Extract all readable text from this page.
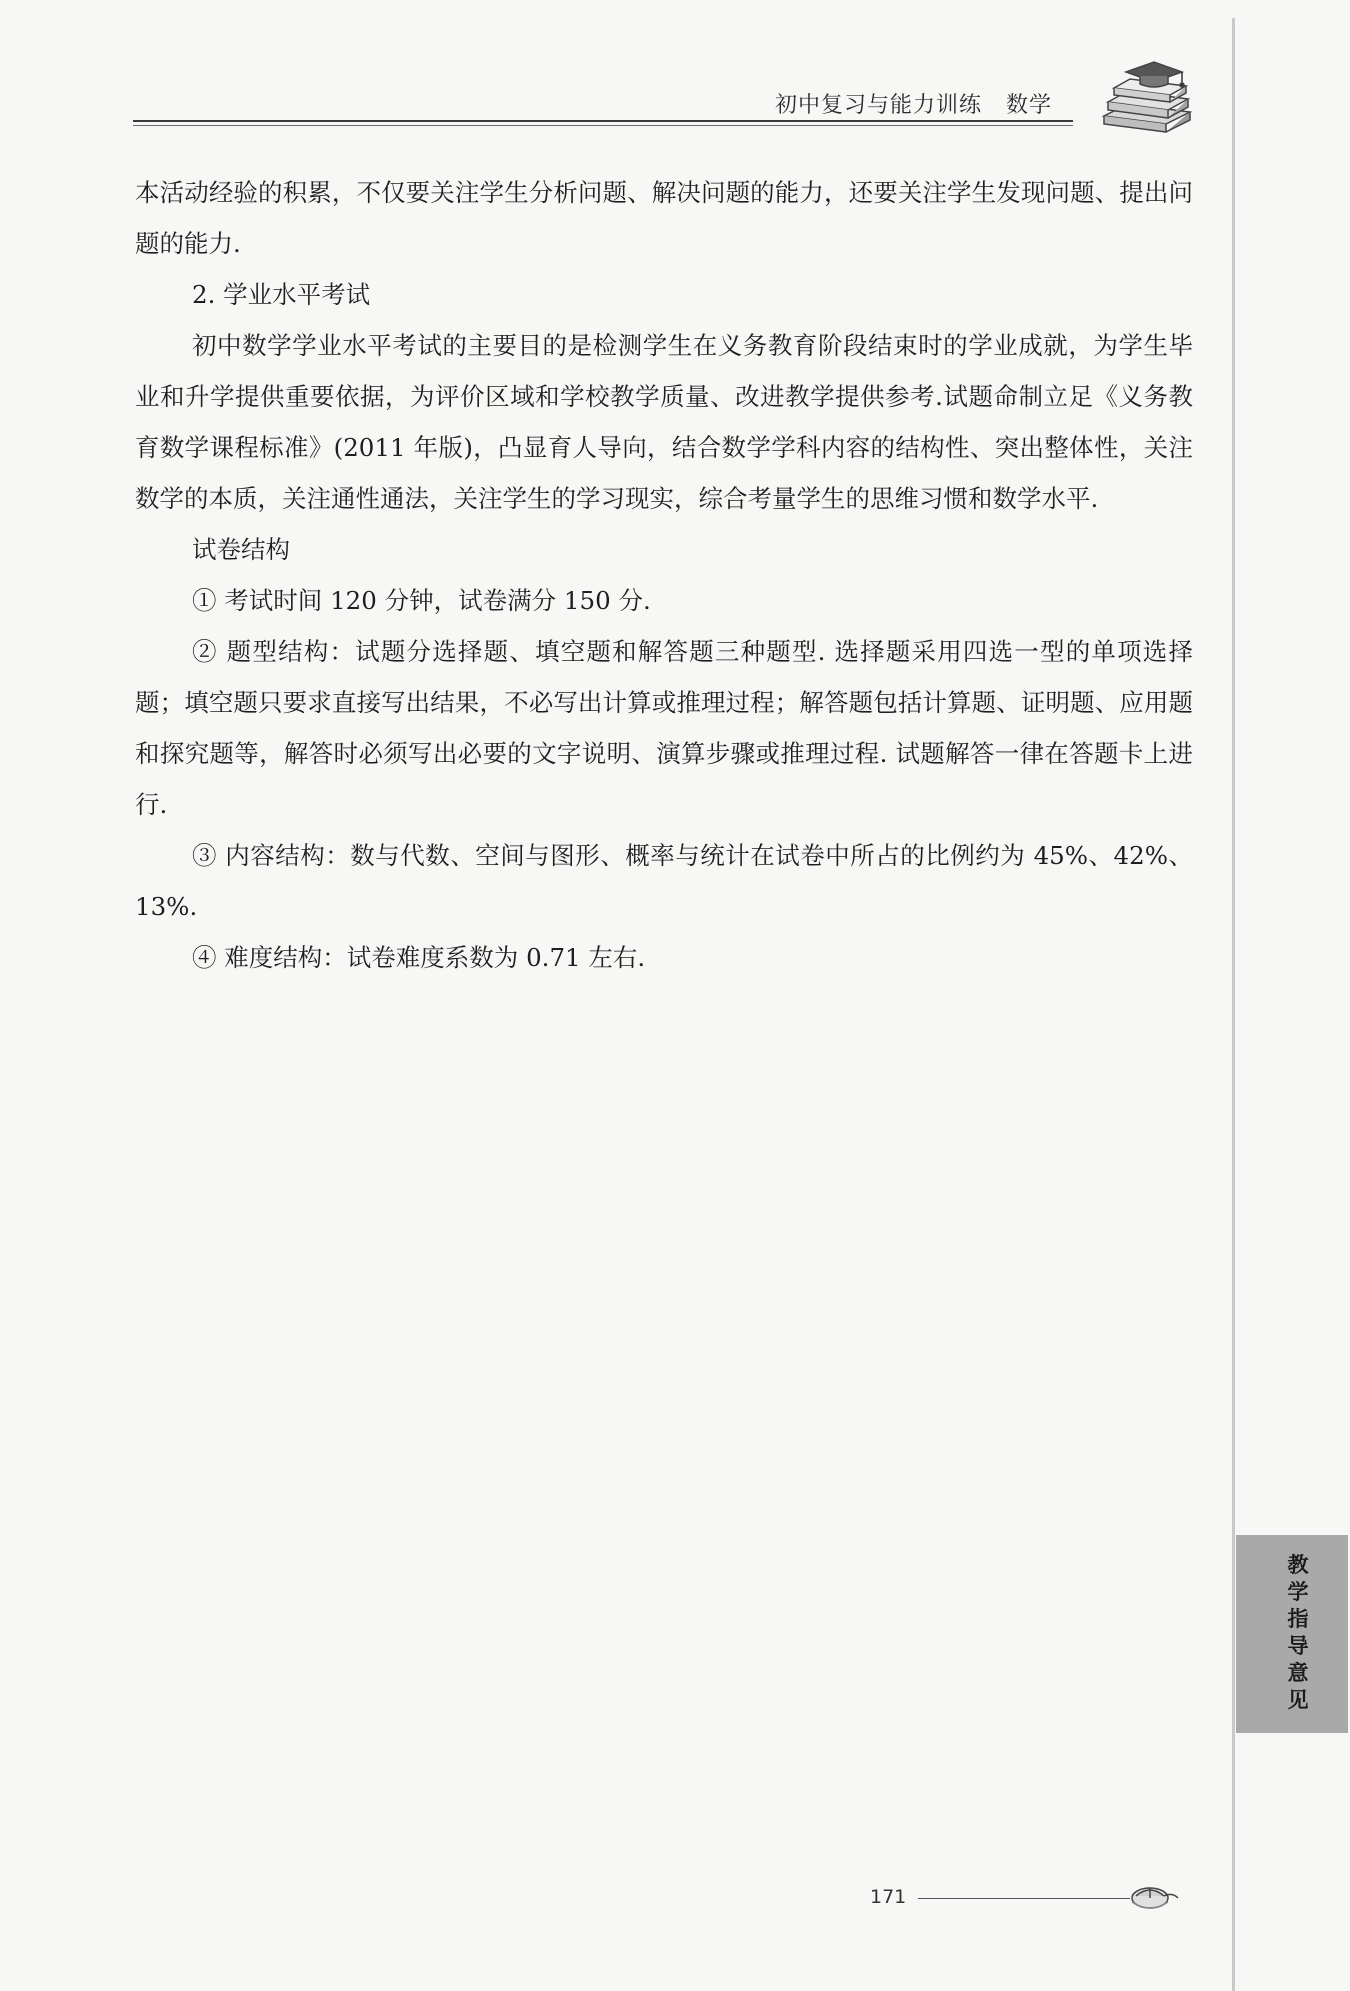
初中复习与能力训练 数学

本活动经验的积累，不仅要关注学生分析问题、解决问题的能力，还要关注学生发现问题、提出问题的能力.

2. 学业水平考试

初中数学学业水平考试的主要目的是检测学生在义务教育阶段结束时的学业成就，为学生毕业和升学提供重要依据，为评价区域和学校教学质量、改进教学提供参考.试题命制立足《义务教育数学课程标准》(2011 年版)，凸显育人导向，结合数学学科内容的结构性、突出整体性，关注数学的本质，关注通性通法，关注学生的学习现实，综合考量学生的思维习惯和数学水平.

试卷结构

① 考试时间 120 分钟，试卷满分 150 分.

② 题型结构：试题分选择题、填空题和解答题三种题型. 选择题采用四选一型的单项选择题；填空题只要求直接写出结果，不必写出计算或推理过程；解答题包括计算题、证明题、应用题和探究题等，解答时必须写出必要的文字说明、演算步骤或推理过程. 试题解答一律在答题卡上进行.

③ 内容结构：数与代数、空间与图形、概率与统计在试卷中所占的比例约为 45%、42%、13%.

④ 难度结构：试卷难度系数为 0.71 左右.

教学指导意见
171
